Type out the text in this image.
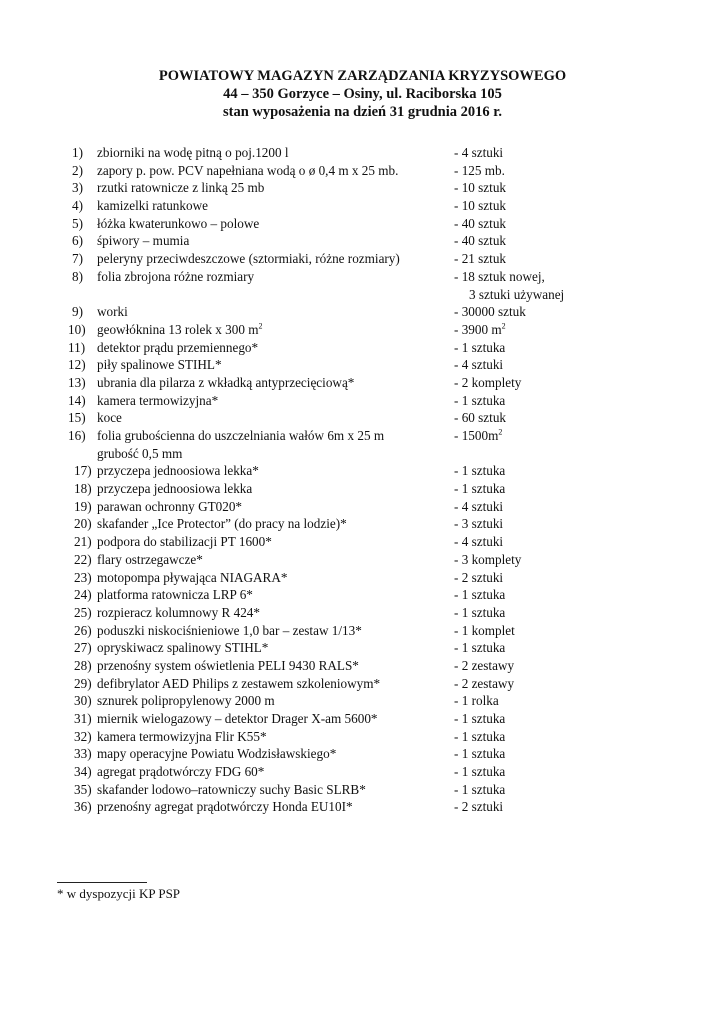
POWIATOWY MAGAZYN ZARZĄDZANIA KRYZYSOWEGO
44 – 350 Gorzyce – Osiny, ul. Raciborska 105
stan wyposażenia na dzień 31 grudnia 2016 r.
1) zbiorniki na wodę pitną o poj.1200 l	- 4 sztuki
2) zapory p. pow. PCV napełniana wodą o ø 0,4 m x 25 mb.	- 125 mb.
3) rzutki ratownicze z linką 25 mb	- 10 sztuk
4) kamizelki ratunkowe	- 10 sztuk
5) łóżka kwaterunkowo – polowe	- 40 sztuk
6) śpiwory – mumia	- 40 sztuk
7) peleryny przeciwdeszczowe (sztormiaki, różne rozmiary)	- 21 sztuk
8) folia zbrojona różne rozmiary	- 18 sztuk nowej,
3 sztuki używanej
9) worki	- 30000 sztuk
10) geowłóknina 13 rolek x 300 $m^2$	- 3900 $m^2$
11) detektor prądu przemiennego*	- 1 sztuka
12) piły spalinowe STIHL*	- 4 sztuki
13) ubrania dla pilarza z wkładką antyprzecięciową*	- 2 komplety
14) kamera termowizyjna*	- 1 sztuka
15) koce	- 60 sztuk
16) folia grubościenna do uszczelniania wałów 6m x 25 m	- $1500m^2$
grubość 0,5 mm
17) przyczepa jednoosiowa lekka*	- 1 sztuka
18) przyczepa jednoosiowa lekka	- 1 sztuka
19) parawan ochronny GT020*	- 4 sztuki
20) skafander „Ice Protector” (do pracy na lodzie)*	- 3 sztuki
21) podpora do stabilizacji PT 1600*	- 4 sztuki
22) flary ostrzegawcze*	- 3 komplety
23) motopompa pływająca NIAGARA*	- 2 sztuki
24) platforma ratownicza LRP 6*	- 1 sztuka
25) rozpieracz kolumnowy R 424*	- 1 sztuka
26) poduszki niskociśnieniowe 1,0 bar – zestaw 1/13*	- 1 komplet
27) opryskiwacz spalinowy STIHL*	- 1 sztuka
28) przenośny system oświetlenia PELI 9430 RALS*	- 2 zestawy
29) defibrylator AED Philips z zestawem szkoleniowym*	- 2 zestawy
30) sznurek polipropylenowy 2000 m	- 1 rolka
31) miernik wielogazowy – detektor Drager X-am 5600*	- 1 sztuka
32) kamera termowizyjna Flir K55*	- 1 sztuka
33) mapy operacyjne Powiatu Wodzisławskiego*	- 1 sztuka
34) agregat prądotwórczy FDG 60*	- 1 sztuka
35) skafander lodowo–ratowniczy suchy Basic SLRB*	- 1 sztuka
36) przenośny agregat prądotwórczy Honda EU10I*	- 2 sztuki
* w dyspozycji KP PSP
